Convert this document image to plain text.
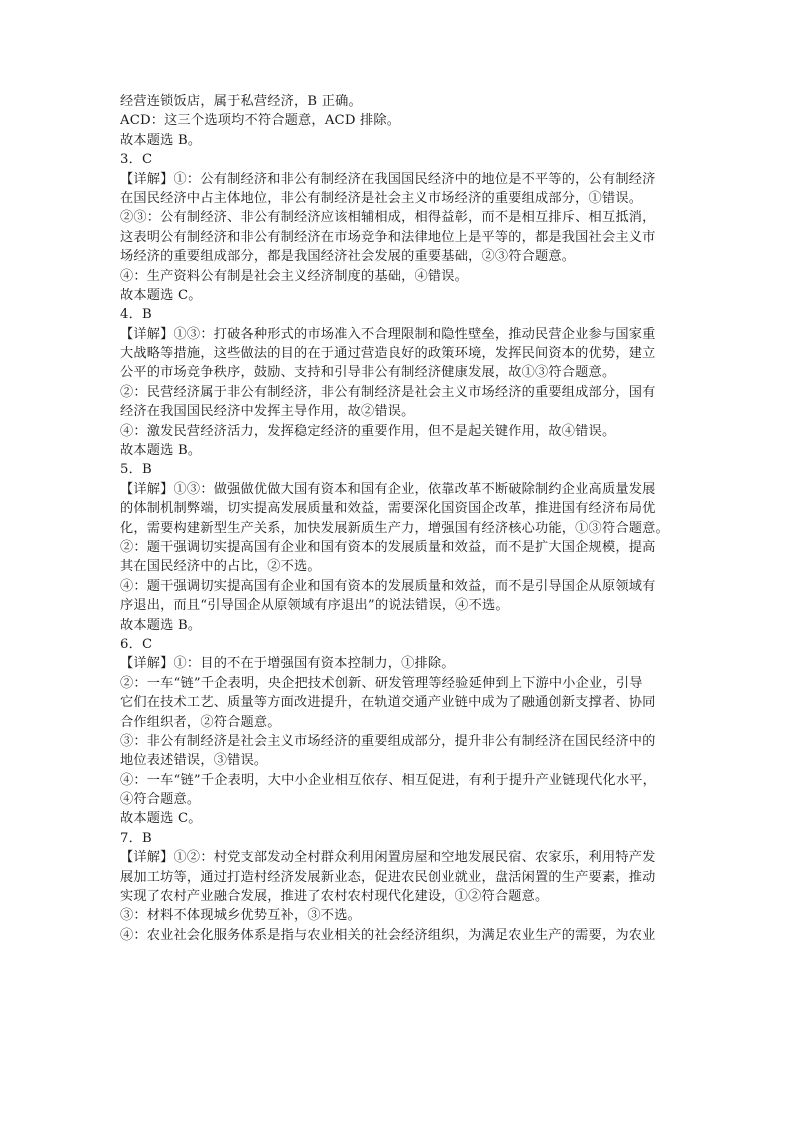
经营连锁饭店，属于私营经济，B 正确。
ACD：这三个选项均不符合题意，ACD 排除。
故本题选 B。
3．C
【详解】①：公有制经济和非公有制经济在我国国民经济中的地位是不平等的，公有制经济
在国民经济中占主体地位，非公有制经济是社会主义市场经济的重要组成部分，①错误。
②③：公有制经济、非公有制经济应该相辅相成，相得益彰，而不是相互排斥、相互抵消，
这表明公有制经济和非公有制经济在市场竞争和法律地位上是平等的，都是我国社会主义市
场经济的重要组成部分，都是我国经济社会发展的重要基础，②③符合题意。
④：生产资料公有制是社会主义经济制度的基础，④错误。
故本题选 C。
4．B
【详解】①③：打破各种形式的市场准入不合理限制和隐性壁垒，推动民营企业参与国家重
大战略等措施，这些做法的目的在于通过营造良好的政策环境，发挥民间资本的优势，建立
公平的市场竞争秩序，鼓励、支持和引导非公有制经济健康发展，故①③符合题意。
②：民营经济属于非公有制经济，非公有制经济是社会主义市场经济的重要组成部分，国有
经济在我国国民经济中发挥主导作用，故②错误。
④：激发民营经济活力，发挥稳定经济的重要作用，但不是起关键作用，故④错误。
故本题选 B。
5．B
【详解】①③：做强做优做大国有资本和国有企业，依靠改革不断破除制约企业高质量发展
的体制机制弊端，切实提高发展质量和效益，需要深化国资国企改革，推进国有经济布局优
化，需要构建新型生产关系，加快发展新质生产力，增强国有经济核心功能，①③符合题意。
②：题干强调切实提高国有企业和国有资本的发展质量和效益，而不是扩大国企规模，提高
其在国民经济中的占比，②不选。
④：题干强调切实提高国有企业和国有资本的发展质量和效益，而不是引导国企从原领域有
序退出，而且“引导国企从原领域有序退出”的说法错误，④不选。
故本题选 B。
6．C
【详解】①：目的不在于增强国有资本控制力，①排除。
②：一车“链”千企表明，央企把技术创新、研发管理等经验延伸到上下游中小企业，引导
它们在技术工艺、质量等方面改进提升，在轨道交通产业链中成为了融通创新支撑者、协同
合作组织者，②符合题意。
③：非公有制经济是社会主义市场经济的重要组成部分，提升非公有制经济在国民经济中的
地位表述错误，③错误。
④：一车“链”千企表明，大中小企业相互依存、相互促进，有利于提升产业链现代化水平，
④符合题意。
故本题选 C。
7．B
【详解】①②：村党支部发动全村群众利用闲置房屋和空地发展民宿、农家乐，利用特产发
展加工坊等，通过打造村经济发展新业态，促进农民创业就业，盘活闲置的生产要素，推动
实现了农村产业融合发展，推进了农村农村现代化建设，①②符合题意。
③：材料不体现城乡优势互补，③不选。
④：农业社会化服务体系是指与农业相关的社会经济组织，为满足农业生产的需要，为农业
